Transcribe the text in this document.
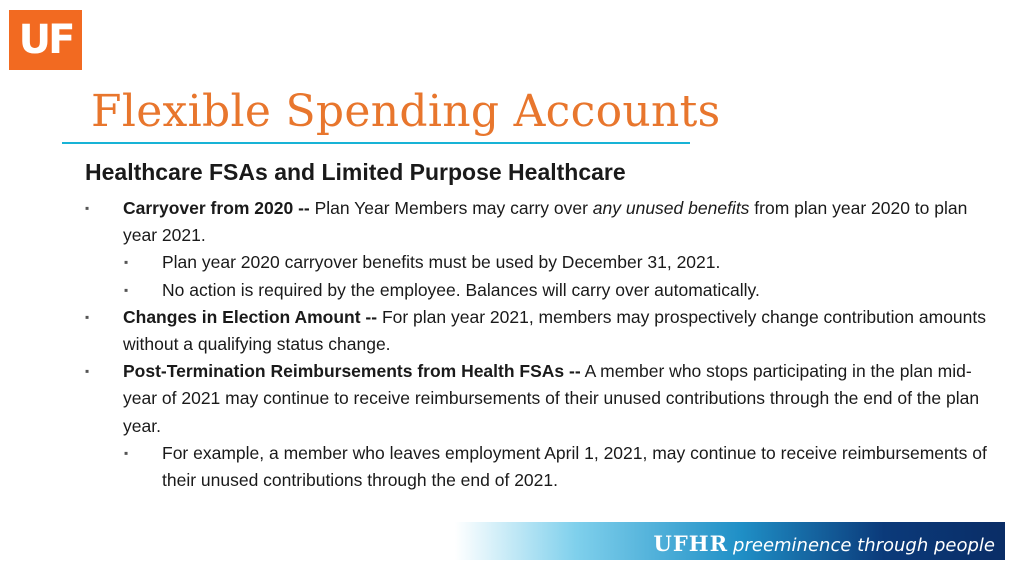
UF
Flexible Spending Accounts
Healthcare FSAs and Limited Purpose Healthcare
▪ Carryover from 2020 -- Plan Year Members may carry over any unused benefits from plan year 2020 to plan year 2021.
▪ Plan year 2020 carryover benefits must be used by December 31, 2021.
▪ No action is required by the employee. Balances will carry over automatically.
▪ Changes in Election Amount -- For plan year 2021, members may prospectively change contribution amounts without a qualifying status change.
▪ Post-Termination Reimbursements from Health FSAs -- A member who stops participating in the plan mid-year of 2021 may continue to receive reimbursements of their unused contributions through the end of the plan year.
▪ For example, a member who leaves employment April 1, 2021, may continue to receive reimbursements of their unused contributions through the end of 2021.
UFHR preeminence through people
